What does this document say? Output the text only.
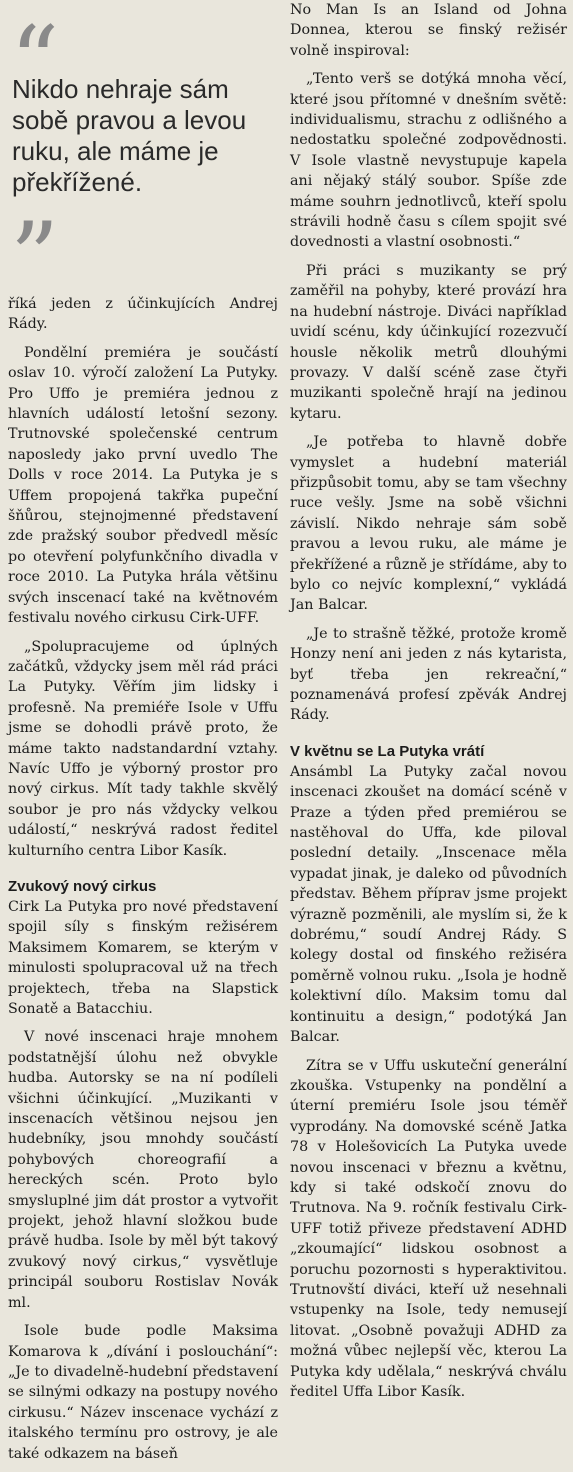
“
Nikdo nehraje sám sobě pravou a levou ruku, ale máme je překřížené.
”

říká jeden z účinkujících Andrej Rády.

Pondělní premiéra je součástí oslav 10. výročí založení La Putyky. Pro Uffo je premiéra jednou z hlavních událostí letošní sezony. Trutnovské společenské centrum naposledy jako první uvedlo The Dolls v roce 2014. La Putyka je s Uffem propojená takřka pupeční šňůrou, stejnojmenné představení zde pražský soubor předvedl měsíc po otevření polyfunkčního divadla v roce 2010. La Putyka hrála většinu svých inscenací také na květnovém festivalu nového cirkusu Cirk-UFF.

„Spolupracujeme od úplných začátků, vždycky jsem měl rád práci La Putyky. Věřím jim lidsky i profesně. Na premiéře Isole v Uffu jsme se dohodli právě proto, že máme takto nadstandardní vztahy. Navíc Uffo je výborný prostor pro nový cirkus. Mít tady takhle skvělý soubor je pro nás vždycky velkou událostí,“ neskrývá radost ředitel kulturního centra Libor Kasík.

Zvukový nový cirkus

Cirk La Putyka pro nové představení spojil síly s finským režisérem Maksimem Komarem, se kterým v minulosti spolupracoval už na třech projektech, třeba na Slapstick Sonatě a Batacchiu.

V nové inscenaci hraje mnohem podstatnější úlohu než obvykle hudba. Autorsky se na ní podíleli všichni účinkující. „Muzikanti v inscenacích většinou nejsou jen hudebníky, jsou mnohdy součástí pohybových choreografií a hereckých scén. Proto bylo smysluplné jim dát prostor a vytvořit projekt, jehož hlavní složkou bude právě hudba. Isole by měl být takový zvukový nový cirkus,“ vysvětluje principál souboru Rostislav Novák ml.

Isole bude podle Maksima Komarova k „dívání i poslouchání“: „Je to divadelně-hudební představení se silnými odkazy na postupy nového cirkusu.“ Název inscenace vychází z italského termínu pro ostrovy, je ale také odkazem na báseň

No Man Is an Island od Johna Donnea, kterou se finský režisér volně inspiroval:

„Tento verš se dotýká mnoha věcí, které jsou přítomné v dnešním světě: individualismu, strachu z odlišného a nedostatku společné zodpovědnosti. V Isole vlastně nevystupuje kapela ani nějaký stálý soubor. Spíše zde máme souhrn jednotlivců, kteří spolu strávili hodně času s cílem spojit své dovednosti a vlastní osobnosti.“

Při práci s muzikanty se prý zaměřil na pohyby, které provází hra na hudební nástroje. Diváci například uvidí scénu, kdy účinkující rozezvučí housle několik metrů dlouhými provazy. V další scéně zase čtyři muzikanti společně hrají na jedinou kytaru.

„Je potřeba to hlavně dobře vymyslet a hudební materiál přizpůsobit tomu, aby se tam všechny ruce vešly. Jsme na sobě všichni závislí. Nikdo nehraje sám sobě pravou a levou ruku, ale máme je překřížené a různě je střídáme, aby to bylo co nejvíc komplexní,“ vykládá Jan Balcar.

„Je to strašně těžké, protože kromě Honzy není ani jeden z nás kytarista, byť třeba jen rekreační,“ poznamenává profesí zpěvák Andrej Rády.

V květnu se La Putyka vrátí

Ansámbl La Putyky začal novou inscenaci zkoušet na domácí scéně v Praze a týden před premiérou se nastěhoval do Uffa, kde piloval poslední detaily. „Inscenace měla vypadat jinak, je daleko od původních představ. Během příprav jsme projekt výrazně pozměnili, ale myslím si, že k dobrému,“ soudí Andrej Rády. S kolegy dostal od finského režiséra poměrně volnou ruku. „Isola je hodně kolektivní dílo. Maksim tomu dal kontinuitu a design,“ podotýká Jan Balcar.

Zítra se v Uffu uskuteční generální zkouška. Vstupenky na pondělní a úterní premiéru Isole jsou téměř vyprodány. Na domovské scéně Jatka 78 v Holešovicích La Putyka uvede novou inscenaci v březnu a květnu, kdy si také odskočí znovu do Trutnova. Na 9. ročník festivalu Cirk-UFF totiž přiveze představení ADHD „zkoumající“ lidskou osobnost a poruchu pozornosti s hyperaktivitou. Trutnovští diváci, kteří už nesehnali vstupenky na Isole, tedy nemusejí litovat. „Osobně považuji ADHD za možná vůbec nejlepší věc, kterou La Putyka kdy udělala,“ neskrývá chválu ředitel Uffa Libor Kasík.
